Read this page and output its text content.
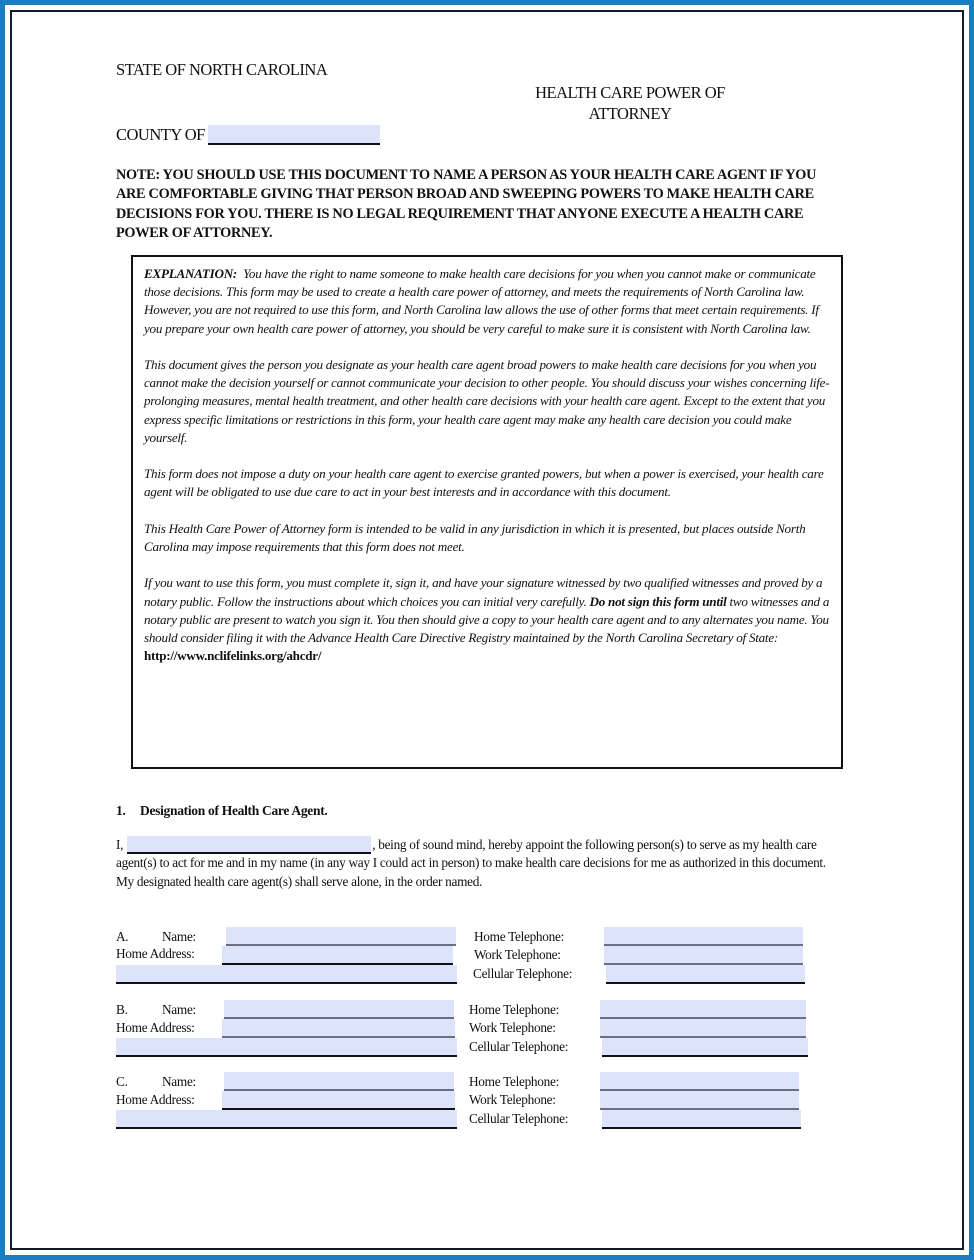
STATE OF NORTH CAROLINA
HEALTH CARE POWER OF
ATTORNEY
COUNTY OF
NOTE: YOU SHOULD USE THIS DOCUMENT TO NAME A PERSON AS YOUR HEALTH CARE AGENT IF YOU ARE COMFORTABLE GIVING THAT PERSON BROAD AND SWEEPING POWERS TO MAKE HEALTH CARE DECISIONS FOR YOU. THERE IS NO LEGAL REQUIREMENT THAT ANYONE EXECUTE A HEALTH CARE POWER OF ATTORNEY.

EXPLANATION: You have the right to name someone to make health care decisions for you when you cannot make or communicate those decisions. This form may be used to create a health care power of attorney, and meets the requirements of North Carolina law. However, you are not required to use this form, and North Carolina law allows the use of other forms that meet certain requirements. If you prepare your own health care power of attorney, you should be very careful to make sure it is consistent with North Carolina law.

This document gives the person you designate as your health care agent broad powers to make health care decisions for you when you cannot make the decision yourself or cannot communicate your decision to other people. You should discuss your wishes concerning life-prolonging measures, mental health treatment, and other health care decisions with your health care agent. Except to the extent that you express specific limitations or restrictions in this form, your health care agent may make any health care decision you could make yourself.

This form does not impose a duty on your health care agent to exercise granted powers, but when a power is exercised, your health care agent will be obligated to use due care to act in your best interests and in accordance with this document.

This Health Care Power of Attorney form is intended to be valid in any jurisdiction in which it is presented, but places outside North Carolina may impose requirements that this form does not meet.

If you want to use this form, you must complete it, sign it, and have your signature witnessed by two qualified witnesses and proved by a notary public. Follow the instructions about which choices you can initial very carefully. Do not sign this form until two witnesses and a notary public are present to watch you sign it. You then should give a copy to your health care agent and to any alternates you name. You should consider filing it with the Advance Health Care Directive Registry maintained by the North Carolina Secretary of State: http://www.nclifelinks.org/ahcdr/

1. Designation of Health Care Agent.
I,	, being of sound mind, hereby appoint the following person(s) to serve as my health care agent(s) to act for me and in my name (in any way I could act in person) to make health care decisions for me as authorized in this document. My designated health care agent(s) shall serve alone, in the order named.
A.	Name:
Home Address:
Home Telephone:
Work Telephone:
Cellular Telephone:
B.	Name:
Home Address:
Home Telephone:
Work Telephone:
Cellular Telephone:
C.	Name:
Home Address:
Home Telephone:
Work Telephone:
Cellular Telephone:
